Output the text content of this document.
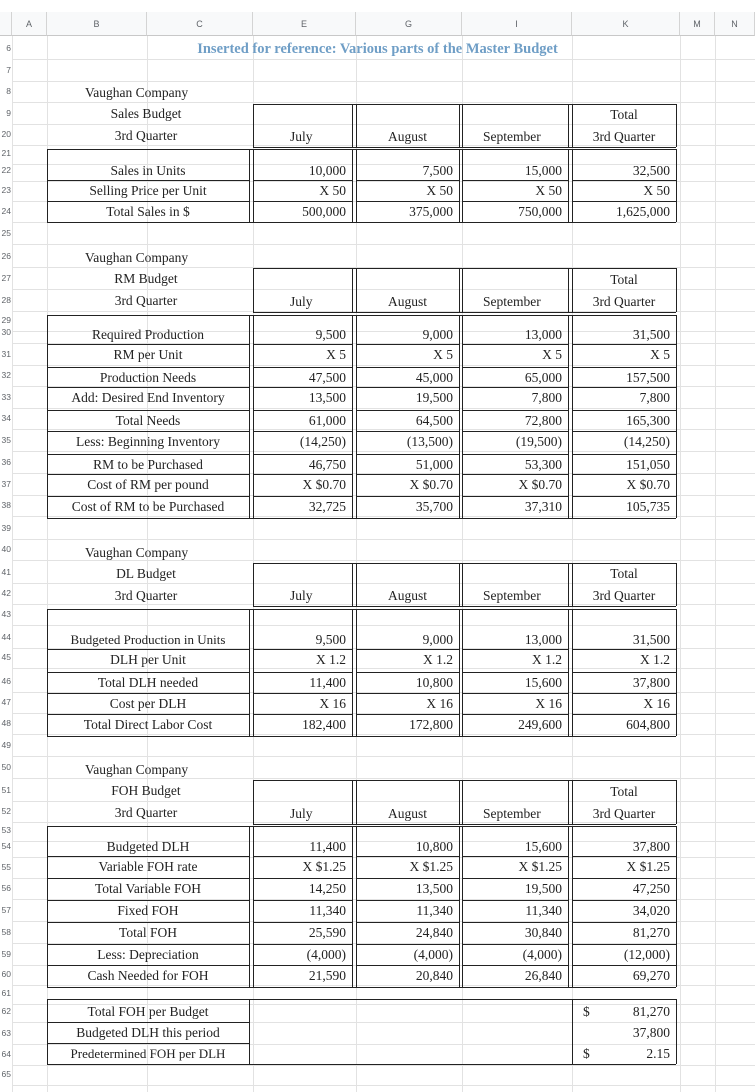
A	B	C	E	G	I	K	M	N
6
7
8
9
20
21
22
23
24
25
26
27
28
29
30
31
32
33
34
35
36
37
38
39
40
41
42
43
44
45
46
47
48
49
50
51
52
53
54
55
56
57
58
59
60
61
62
63
64
65
Vaughan Company
Sales Budget
3rd Quarter	July	August	September
Total
3rd Quarter
Sales in Units	10,000	7,500	15,000	32,500
Selling Price per Unit	X 50	X 50	X 50	X 50
Total Sales in $	500,000	375,000	750,000	1,625,000
Vaughan Company
RM Budget
3rd Quarter	July	August	September
Total
3rd Quarter
Required Production	9,500	9,000	13,000	31,500
RM per Unit	X 5	X 5	X 5	X 5
Production Needs	47,500	45,000	65,000	157,500
Add: Desired End Inventory	13,500	19,500	7,800	7,800
Total Needs	61,000	64,500	72,800	165,300
Less: Beginning Inventory	(14,250)	(13,500)	(19,500)	(14,250)
RM to be Purchased	46,750	51,000	53,300	151,050
Cost of RM per pound	X $0.70	X $0.70	X $0.70	X $0.70
Cost of RM to be Purchased	32,725	35,700	37,310	105,735
Vaughan Company
DL Budget
3rd Quarter	July	August	September
Total
3rd Quarter
Budgeted Production in Units	9,500	9,000	13,000	31,500
DLH per Unit	X 1.2	X 1.2	X 1.2	X 1.2
Total DLH needed	11,400	10,800	15,600	37,800
Cost per DLH	X 16	X 16	X 16	X 16
Total Direct Labor Cost	182,400	172,800	249,600	604,800
Vaughan Company
FOH Budget
3rd Quarter	July	August	September
Total
3rd Quarter
Budgeted DLH	11,400	10,800	15,600	37,800
Variable FOH rate	X $1.25	X $1.25	X $1.25	X $1.25
Total Variable FOH	14,250	13,500	19,500	47,250
Fixed FOH	11,340	11,340	11,340	34,020
Total FOH	25,590	24,840	30,840	81,270
Less: Depreciation	(4,000)	(4,000)	(4,000)	(12,000)
Cash Needed for FOH	21,590	20,840	26,840	69,270
Total FOH per Budget	$	81,270
Budgeted DLH this period	37,800
Predetermined FOH per DLH	$	2.15
Inserted for reference: Various parts of the Master Budget
